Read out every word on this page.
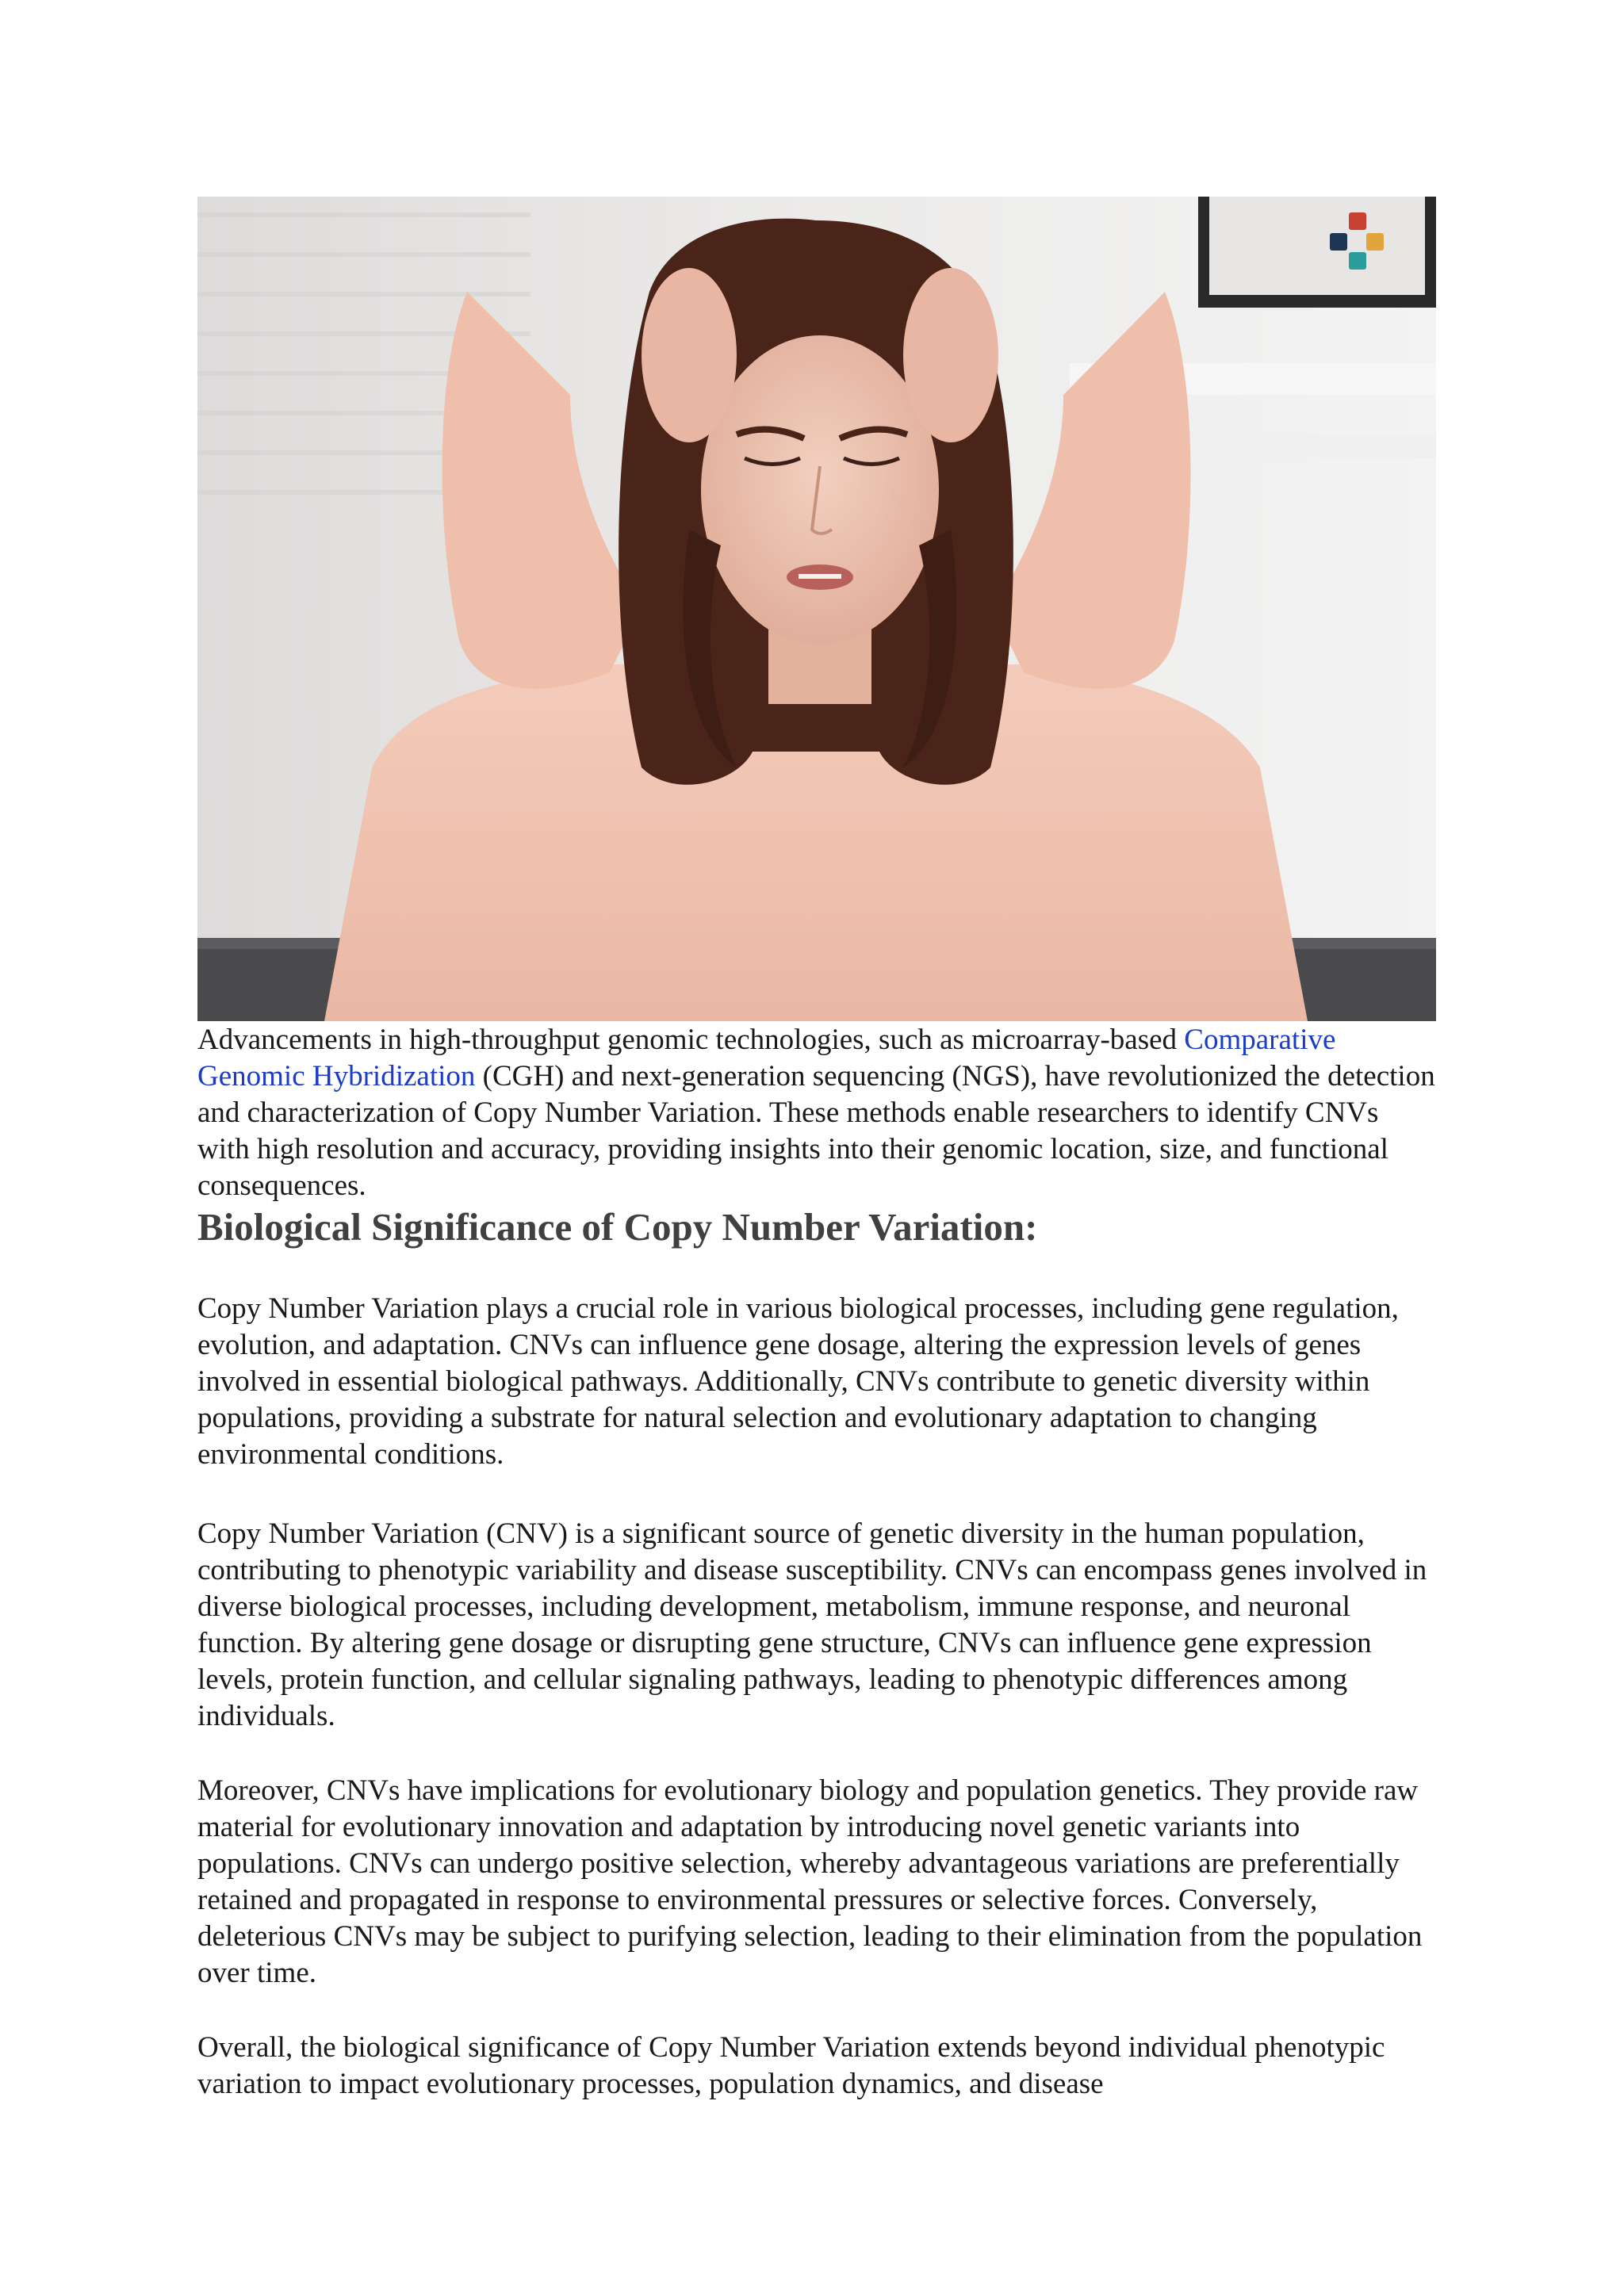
Advancements in high-throughput genomic technologies, such as microarray-based Comparative Genomic Hybridization (CGH) and next-generation sequencing (NGS), have revolutionized the detection and characterization of Copy Number Variation. These methods enable researchers to identify CNVs with high resolution and accuracy, providing insights into their genomic location, size, and functional consequences.

Biological Significance of Copy Number Variation:

Copy Number Variation plays a crucial role in various biological processes, including gene regulation, evolution, and adaptation. CNVs can influence gene dosage, altering the expression levels of genes involved in essential biological pathways. Additionally, CNVs contribute to genetic diversity within populations, providing a substrate for natural selection and evolutionary adaptation to changing environmental conditions.

Copy Number Variation (CNV) is a significant source of genetic diversity in the human population, contributing to phenotypic variability and disease susceptibility. CNVs can encompass genes involved in diverse biological processes, including development, metabolism, immune response, and neuronal function. By altering gene dosage or disrupting gene structure, CNVs can influence gene expression levels, protein function, and cellular signaling pathways, leading to phenotypic differences among individuals.

Moreover, CNVs have implications for evolutionary biology and population genetics. They provide raw material for evolutionary innovation and adaptation by introducing novel genetic variants into populations. CNVs can undergo positive selection, whereby advantageous variations are preferentially retained and propagated in response to environmental pressures or selective forces. Conversely, deleterious CNVs may be subject to purifying selection, leading to their elimination from the population over time.

Overall, the biological significance of Copy Number Variation extends beyond individual phenotypic variation to impact evolutionary processes, population dynamics, and disease
